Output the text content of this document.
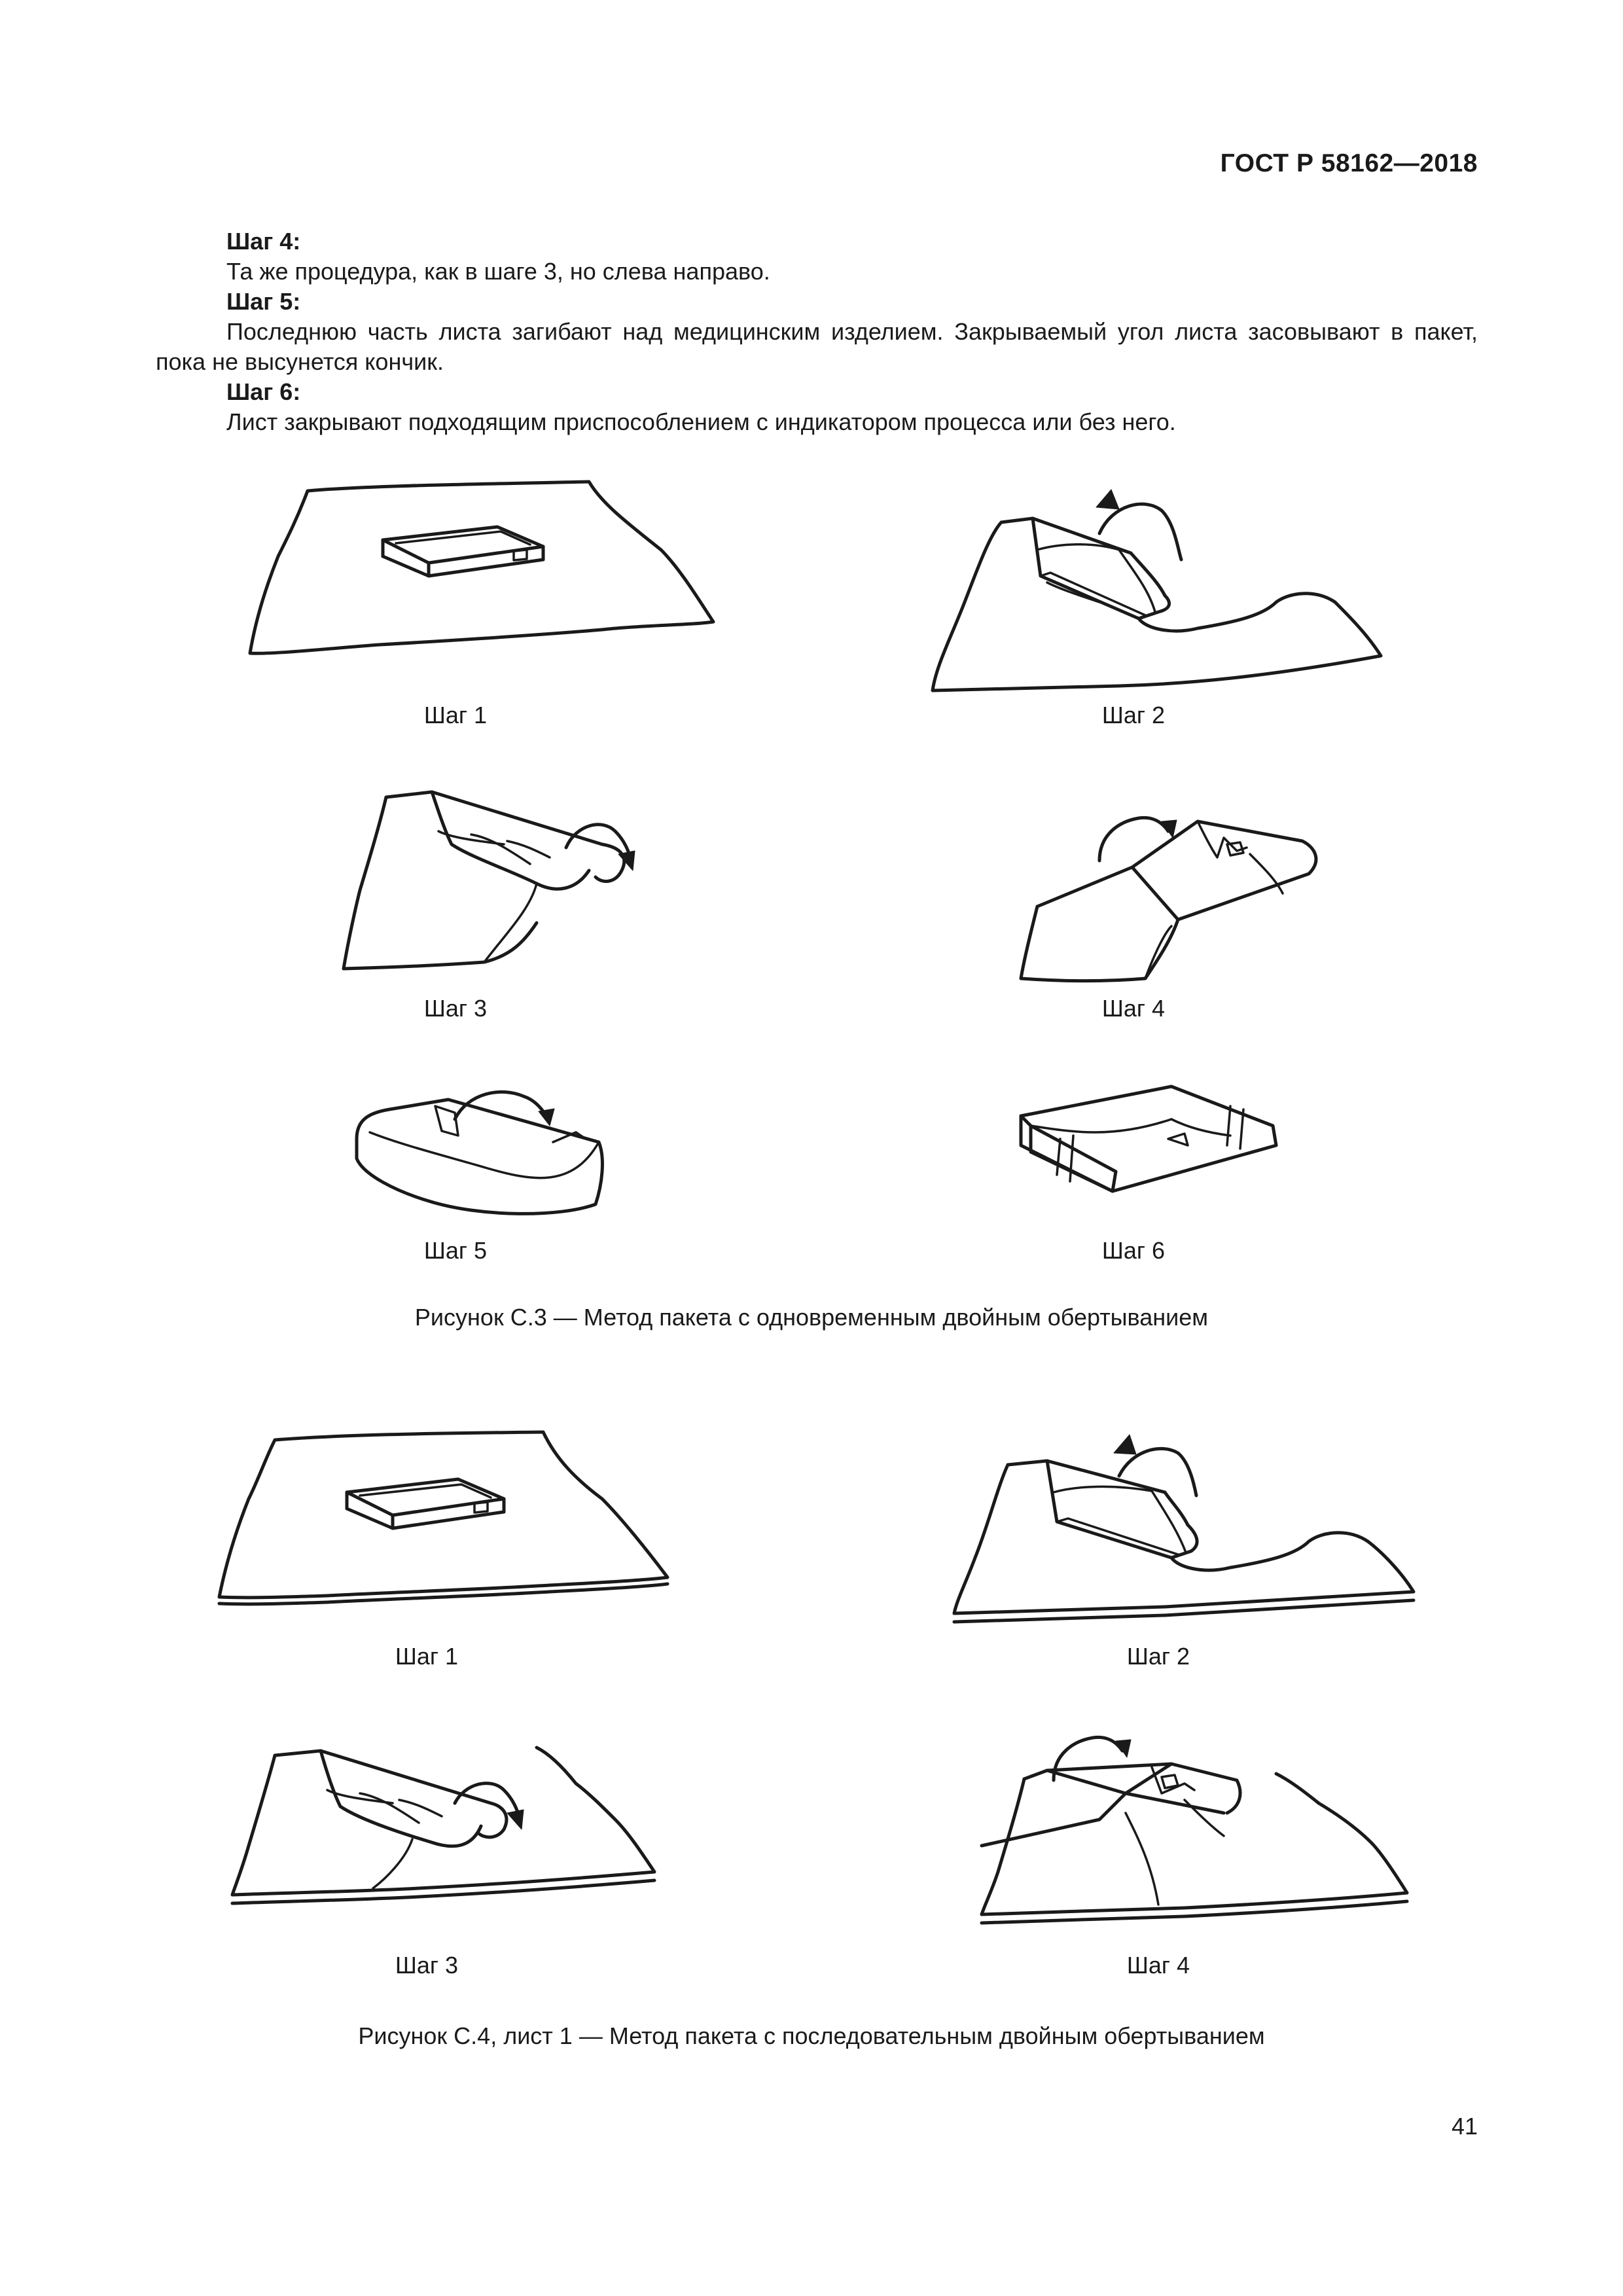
ГОСТ Р 58162—2018

Шаг 4:

Та же процедура, как в шаге 3, но слева направо.

Шаг 5:

Последнюю часть листа загибают над медицинским изделием. Закрываемый угол листа засовывают в пакет, пока не высунется кончик.

Шаг 6:

Лист закрывают подходящим приспособлением с индикатором процесса или без него.

Шаг 1	Шаг 2
Шаг 3	Шаг 4
Шаг 5	Шаг 6
Рисунок С.3 — Метод пакета с одновременным двойным обертыванием
Шаг 1	Шаг 2
Шаг 3	Шаг 4
Рисунок С.4, лист 1 — Метод пакета с последовательным двойным обертыванием
41
